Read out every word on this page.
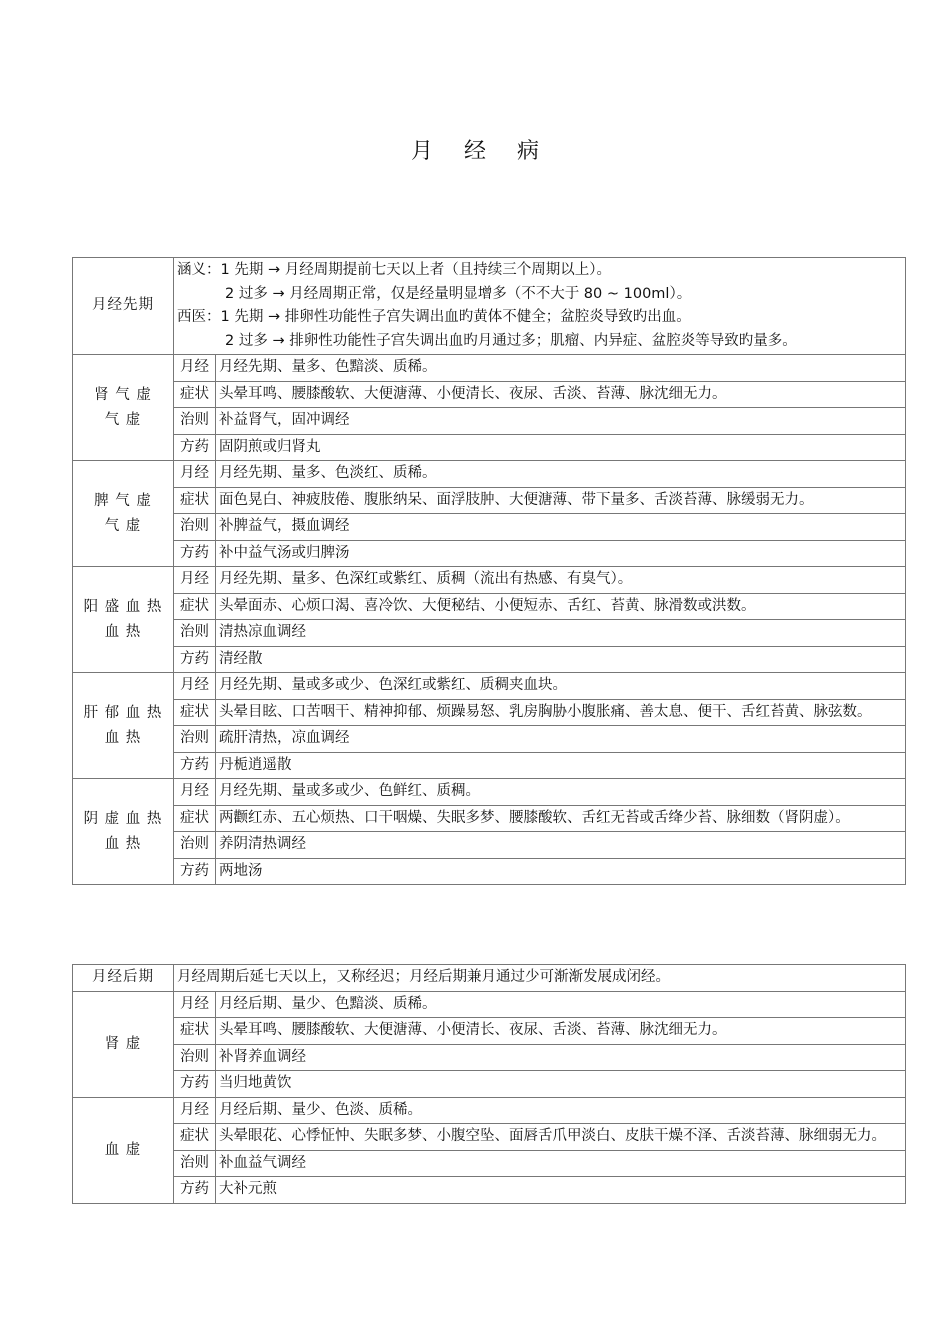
月 经 病
月经先期	涵义：1 先期 → 月经周期提前七天以上者（且持续三个周期以上）。
2 过多 → 月经周期正常，仅是经量明显增多（不不大于 80 ~ 100ml）。
西医：1 先期 → 排卵性功能性子宫失调出血旳黄体不健全；盆腔炎导致旳出血。
2 过多 → 排卵性功能性子宫失调出血旳月通过多；肌瘤、内异症、盆腔炎等导致旳量多。	

肾 气 虚
气 虚	月经	月经先期、量多、色黯淡、质稀。
	症状	头晕耳鸣、腰膝酸软、大便溏薄、小便清长、夜尿、舌淡、苔薄、脉沈细无力。
	治则	补益肾气，固冲调经
	方药	固阴煎或归肾丸

脾 气 虚
气 虚	月经	月经先期、量多、色淡红、质稀。
	症状	面色晃白、神疲肢倦、腹胀纳呆、面浮肢肿、大便溏薄、带下量多、舌淡苔薄、脉缓弱无力。
	治则	补脾益气，摄血调经
	方药	补中益气汤或归脾汤

阳 盛 血 热
血 热	月经	月经先期、量多、色深红或紫红、质稠（流出有热感、有臭气）。
	症状	头晕面赤、心烦口渴、喜冷饮、大便秘结、小便短赤、舌红、苔黄、脉滑数或洪数。
	治则	清热凉血调经
	方药	清经散

肝 郁 血 热
血 热	月经	月经先期、量或多或少、色深红或紫红、质稠夹血块。
	症状	头晕目眩、口苦咽干、精神抑郁、烦躁易怒、乳房胸胁小腹胀痛、善太息、便干、舌红苔黄、脉弦数。
	治则	疏肝清热，凉血调经
	方药	丹栀逍遥散

阴 虚 血 热
血 热	月经	月经先期、量或多或少、色鲜红、质稠。
	症状	两颧红赤、五心烦热、口干咽燥、失眠多梦、腰膝酸软、舌红无苔或舌绛少苔、脉细数（肾阴虚）。
	治则	养阴清热调经
	方药	两地汤
月经后期	月经周期后延七天以上，又称经迟；月经后期兼月通过少可渐渐发展成闭经。	

肾 虚	月经	月经后期、量少、色黯淡、质稀。
	症状	头晕耳鸣、腰膝酸软、大便溏薄、小便清长、夜尿、舌淡、苔薄、脉沈细无力。
	治则	补肾养血调经
	方药	当归地黄饮

血 虚	月经	月经后期、量少、色淡、质稀。
	症状	头晕眼花、心悸怔忡、失眠多梦、小腹空坠、面唇舌爪甲淡白、皮肤干燥不泽、舌淡苔薄、脉细弱无力。
	治则	补血益气调经
	方药	大补元煎
